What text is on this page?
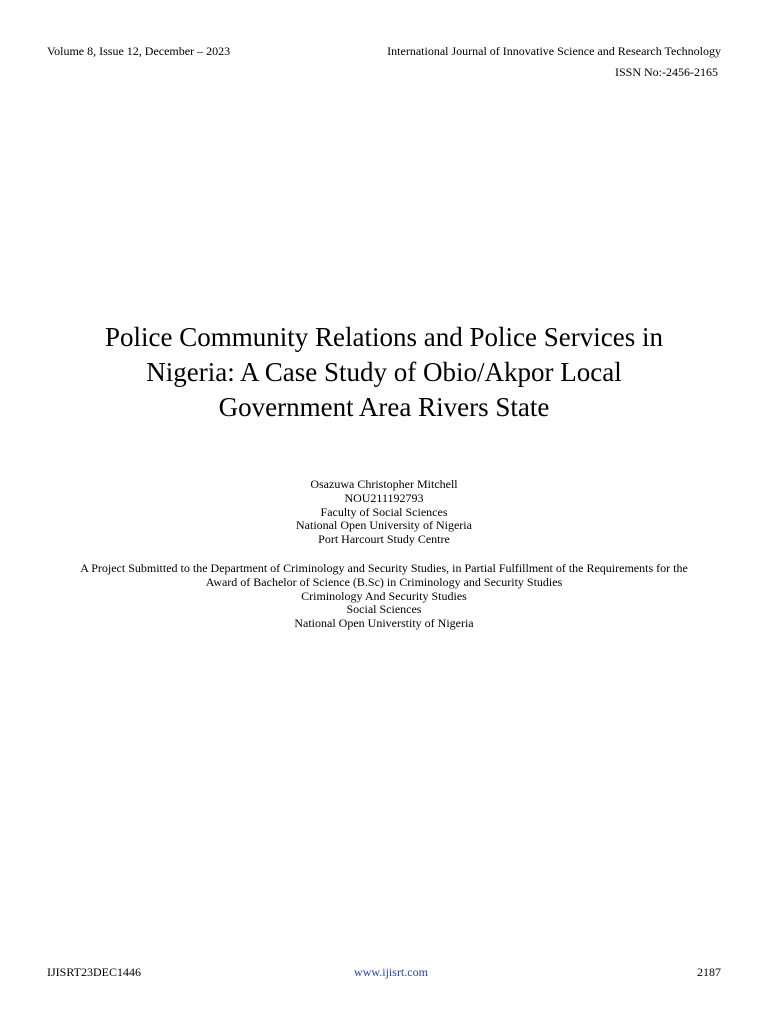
Volume 8, Issue 12, December – 2023	International Journal of Innovative Science and Research Technology
ISSN No:-2456-2165
Police Community Relations and Police Services in
Nigeria: A Case Study of Obio/Akpor Local
Government Area Rivers State
Osazuwa Christopher Mitchell
NOU211192793
Faculty of Social Sciences
National Open University of Nigeria
Port Harcourt Study Centre
A Project Submitted to the Department of Criminology and Security Studies, in Partial Fulfillment of the Requirements for the
Award of Bachelor of Science (B.Sc) in Criminology and Security Studies
Criminology And Security Studies
Social Sciences
National Open Universtity of Nigeria
IJISRT23DEC1446	www.ijisrt.com	2187
